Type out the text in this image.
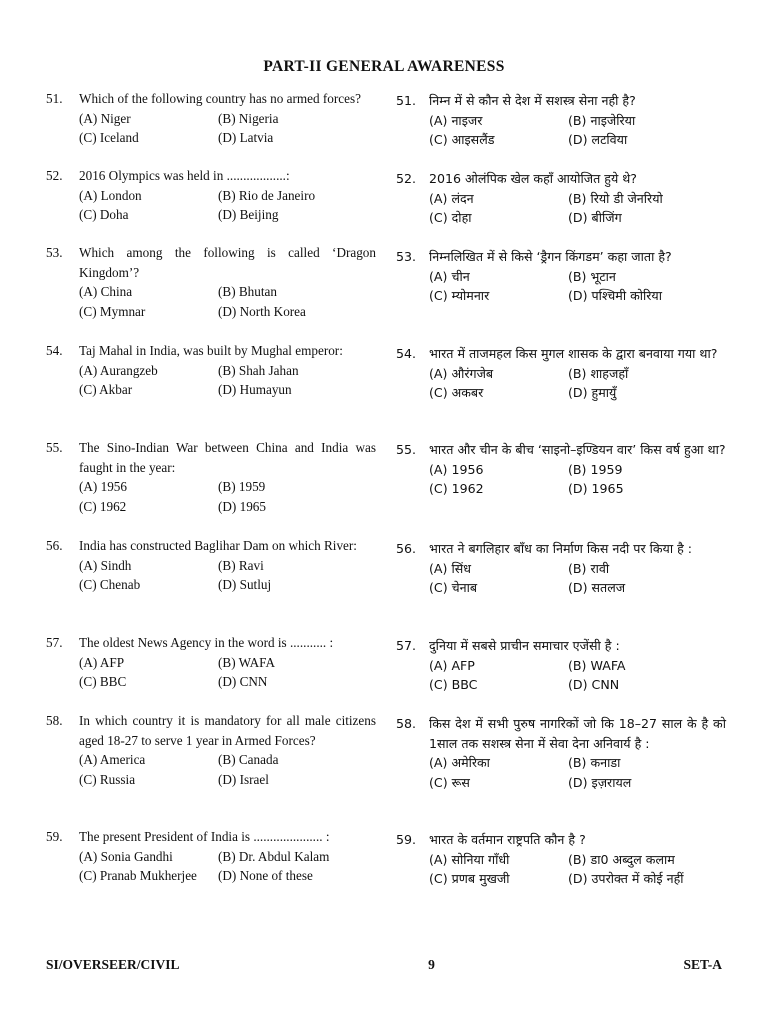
PART-II GENERAL AWARENESS
51.	Which of the following country has no armed forces?
(A) Niger	(B) Nigeria
(C) Iceland	(D) Latvia
52.	2016 Olympics was held in ..................:
(A) London	(B) Rio de Janeiro
(C) Doha	(D) Beijing
53.	Which among the following is called ‘Dragon Kingdom’?
(A) China	(B) Bhutan
(C) Mymnar	(D) North Korea
54.	Taj Mahal in India, was built by Mughal emperor:
(A) Aurangzeb	(B) Shah Jahan
(C) Akbar	(D) Humayun
55.	The Sino-Indian War between China and India was faught in the year:
(A) 1956	(B) 1959
(C) 1962	(D) 1965
56.	India has constructed Baglihar Dam on which River:
(A) Sindh	(B) Ravi
(C) Chenab	(D) Sutluj
57.	The oldest News Agency in the word is ........... :
(A) AFP	(B) WAFA
(C) BBC	(D) CNN
58.	In which country it is mandatory for all male citizens aged 18-27 to serve 1 year in Armed Forces?
(A) America	(B) Canada
(C) Russia	(D) Israel
59.	The present President of India is ..................... :
(A) Sonia Gandhi	(B) Dr. Abdul Kalam
(C) Pranab Mukherjee	(D) None of these
51.	निम्न में से कौन से देश में सशस्त्र सेना नही है?
(A) नाइजर	(B) नाइजेरिया
(C) आइसलैंड	(D) लटविया
52.	2016 ओलंपिक खेल कहाँ आयोजित हुये थे?
(A) लंदन	(B) रियो डी जेनरियो
(C) दोहा	(D) बीजिंग
53.	निम्नलिखित में से किसे ‘ड्रैगन किंगडम’ कहा जाता है?
(A) चीन	(B) भूटान
(C) म्योमनार	(D) पश्चिमी कोरिया
54.	भारत में ताजमहल किस मुगल शासक के द्वारा बनवाया गया था?
(A) औरंगजेब	(B) शाहजहाँ
(C) अकबर	(D) हुमायुँ
55.	भारत और चीन के बीच ‘साइनो–इण्डियन वार’ किस वर्ष हुआ था?
(A) 1956	(B) 1959
(C) 1962	(D) 1965
56.	भारत ने बगलिहार बाँध का निर्माण किस नदी पर किया है :
(A) सिंध	(B) रावी
(C) चेनाब	(D) सतलज
57.	दुनिया में सबसे प्राचीन समाचार एजेंसी है :
(A) AFP	(B) WAFA
(C) BBC	(D) CNN
58.	किस देश में सभी पुरुष नागरिकों जो कि 18–27 साल के है को 1साल तक सशस्त्र सेना में सेवा देना अनिवार्य है :
(A) अमेरिका	(B) कनाडा
(C) रूस	(D) इज़रायल
59.	भारत के वर्तमान राष्ट्रपति कौन है ?
(A) सोनिया गाँधी	(B) डा0 अब्दुल कलाम
(C) प्रणब मुखजी	(D) उपरोक्त में कोई नहीं
SI/OVERSEER/CIVIL	9	SET-A
